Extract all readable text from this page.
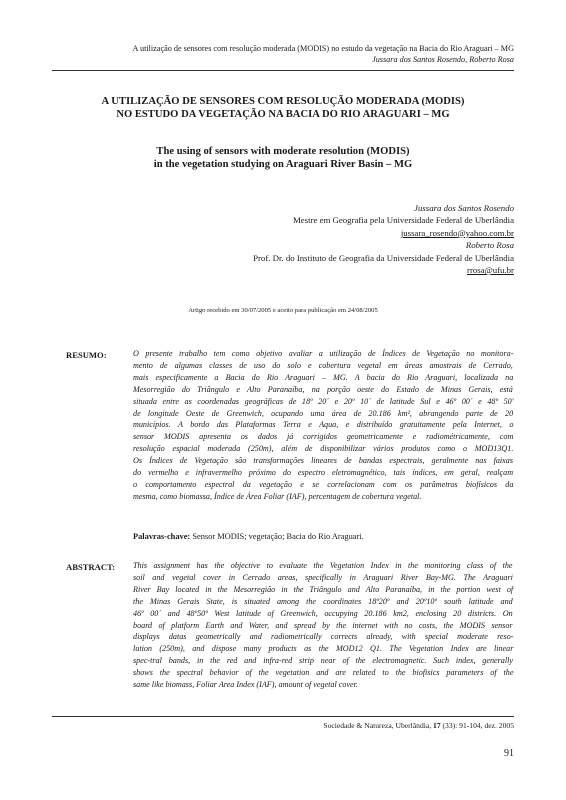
A utilização de sensores com resolução moderada (MODIS) no estudo da vegetação na Bacia do Rio Araguari – MG
Jussara dos Santos Rosendo, Roberto Rosa
A UTILIZAÇÃO DE SENSORES COM RESOLUÇÃO MODERADA (MODIS)
NO ESTUDO DA VEGETAÇÃO NA BACIA DO RIO ARAGUARI – MG
The using of sensors with moderate resolution (MODIS)
in the vegetation studying on Araguari River Basin – MG
Jussara dos Santos Rosendo
Mestre em Geografia pela Universidade Federal de Uberlândia
jussara_rosendo@yahoo.com.br
Roberto Rosa
Prof. Dr. do Instituto de Geografia da Universidade Federal de Uberlândia
rrosa@ufu.br
Artigo recebido em 30/07/2005 e aceito para publicação em 24/08/2005
RESUMO:	O presente trabalho tem como objetivo avaliar a utilização de Índices de Vegetação no monitora-
mento de algumas classes de uso do solo e cobertura vegetal em áreas amostrais de Cerrado,
mais especificamente a Bacia do Rio Araguari – MG. A bacia do Rio Araguari, localizada na
Mesorregião do Triângulo e Alto Paranaíba, na porção oeste do Estado de Minas Gerais, está
situada entre as coordenadas geográficas de 18º 20´ e 20º 10´ de latitude Sul e 46º 00´ e 48º 50'
de longitude Oeste de Greenwich, ocupando uma área de 20.186 km², abrangendo parte de 20
municípios. A bordo das Plataformas Terra e Aqua, e distribuído gratuitamente pela Internet, o
sensor MODIS apresenta os dados já corrigidos geometricamente e radiométricamente, com
resolução espacial moderada (250m), além de disponibilizar vários produtos como o MOD13Q1.
Os Índices de Vegetação são transformações lineares de bandas espectrais, geralmente nas faixas
do vermelho e infravermelho próximo do espectro eletromagnético, tais índices, em geral, realçam
o comportamento espectral da vegetação e se correlacionam com os parâmetros biofísicos da
mesma, como biomassa, Índice de Área Foliar (IAF), percentagem de cobertura vegetal.
Palavras-chave: Sensor MODIS; vegetação; Bacia do Rio Araguari.
ABSTRACT: This assignment has the objective to evaluate the Vegetation Index in the monitoring class of the
soil and vegetal cover in Cerrado areas, specifically in Araguari River Bay-MG. The Araguari
River Bay located in the Mesorregião in the Triângulo and Alto Paranaíba, in the portion west of
the Minas Gerais State, is situated among the coordinates 18º20º and 20º10º south latitude and
46º 00´ and 48º50º West latitude of Greenwich, occupying 20.186 km2, enclosing 20 districts. On
board of platform Earth and Water, and spread by the internet with no costs, the MODIS sensor
displays datas geometrically and radiometrically corrects already, with special moderate reso-
lution (250m), and dispose many products as the MOD12 Q1. The Vegetation Index are linear
spec-tral bands, in the red and infra-red strip near of the electromagnetic. Such index, generally
shows the spectral behavior of the vegetation and are related to the biofisics parameters of the
same like biomass, Foliar Area Index (IAF), amount of vegetal cover.
Sociedade & Natureza, Uberlândia, 17 (33): 91-104, dez. 2005
91
